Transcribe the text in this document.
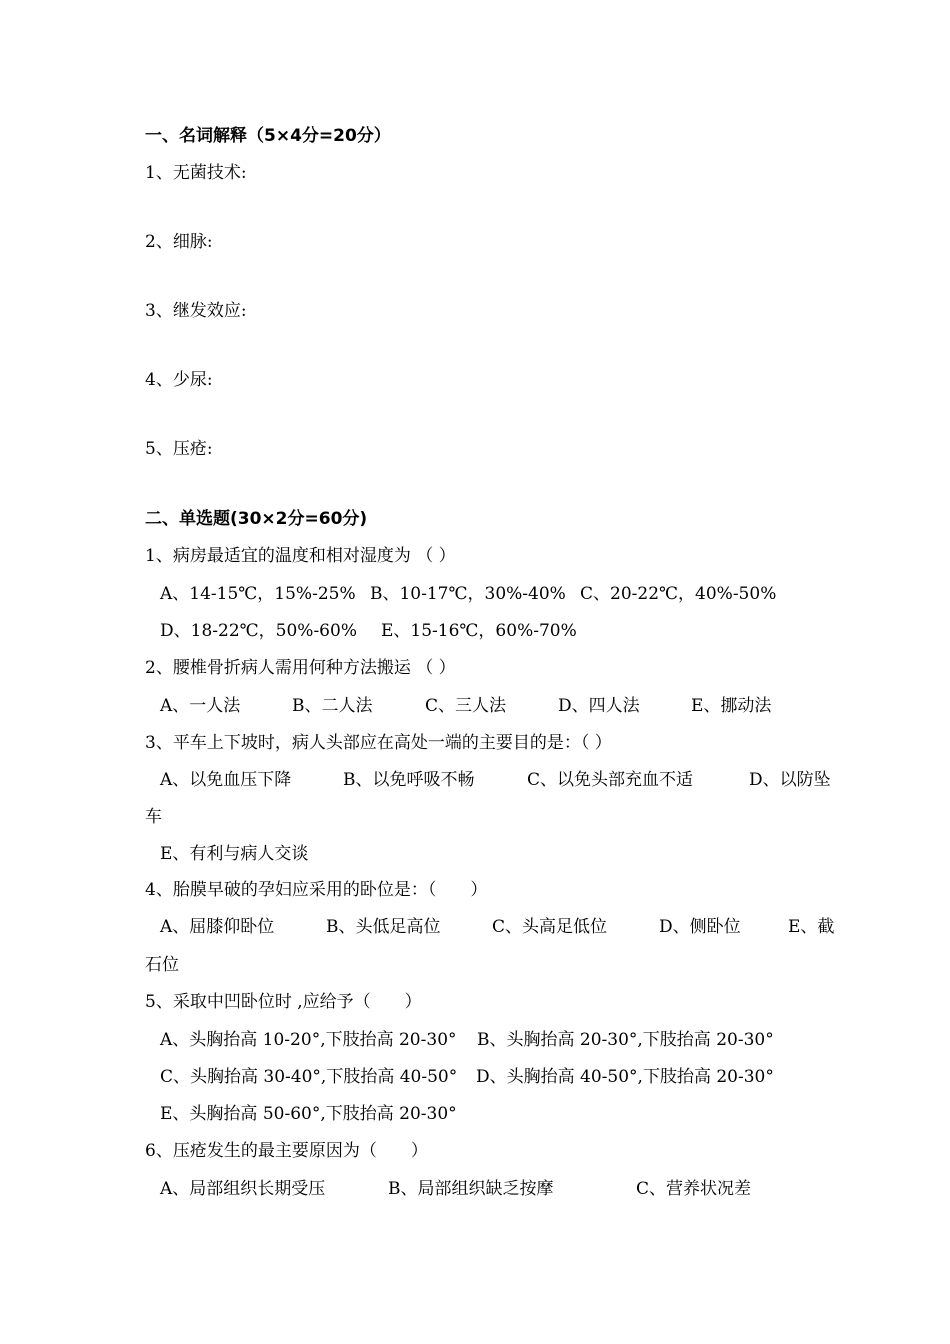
一、名词解释（5×4分=20分）
1、无菌技术:
2、细脉:
3、继发效应:
4、少尿:
5、压疮:
二、单选题(30×2分=60分)
1、病房最适宜的温度和相对湿度为 （ ）
A、14-15℃，15%-25% B、10-17℃，30%-40% C、20-22℃，40%-50%
D、18-22℃，50%-60% E、15-16℃，60%-70%
2、腰椎骨折病人需用何种方法搬运 （ ）
A、一人法	B、二人法	C、三人法	D、四人法	E、挪动法
3、平车上下坡时，病人头部应在高处一端的主要目的是：（ ）
A、以免血压下降	B、以免呼吸不畅	C、以免头部充血不适	D、以防坠
车
E、有利与病人交谈
4、胎膜早破的孕妇应采用的卧位是：（　　）
A、屈膝仰卧位	B、头低足高位	C、头高足低位	D、侧卧位	E、截
石位
5、采取中凹卧位时 ,应给予（　　）
A、头胸抬高 10-20°,下肢抬高 20-30° B、头胸抬高 20-30°,下肢抬高 20-30°
C、头胸抬高 30-40°,下肢抬高 40-50° D、头胸抬高 40-50°,下肢抬高 20-30°
E、头胸抬高 50-60°,下肢抬高 20-30°
6、压疮发生的最主要原因为（　　）
A、局部组织长期受压	B、局部组织缺乏按摩	C、营养状况差
